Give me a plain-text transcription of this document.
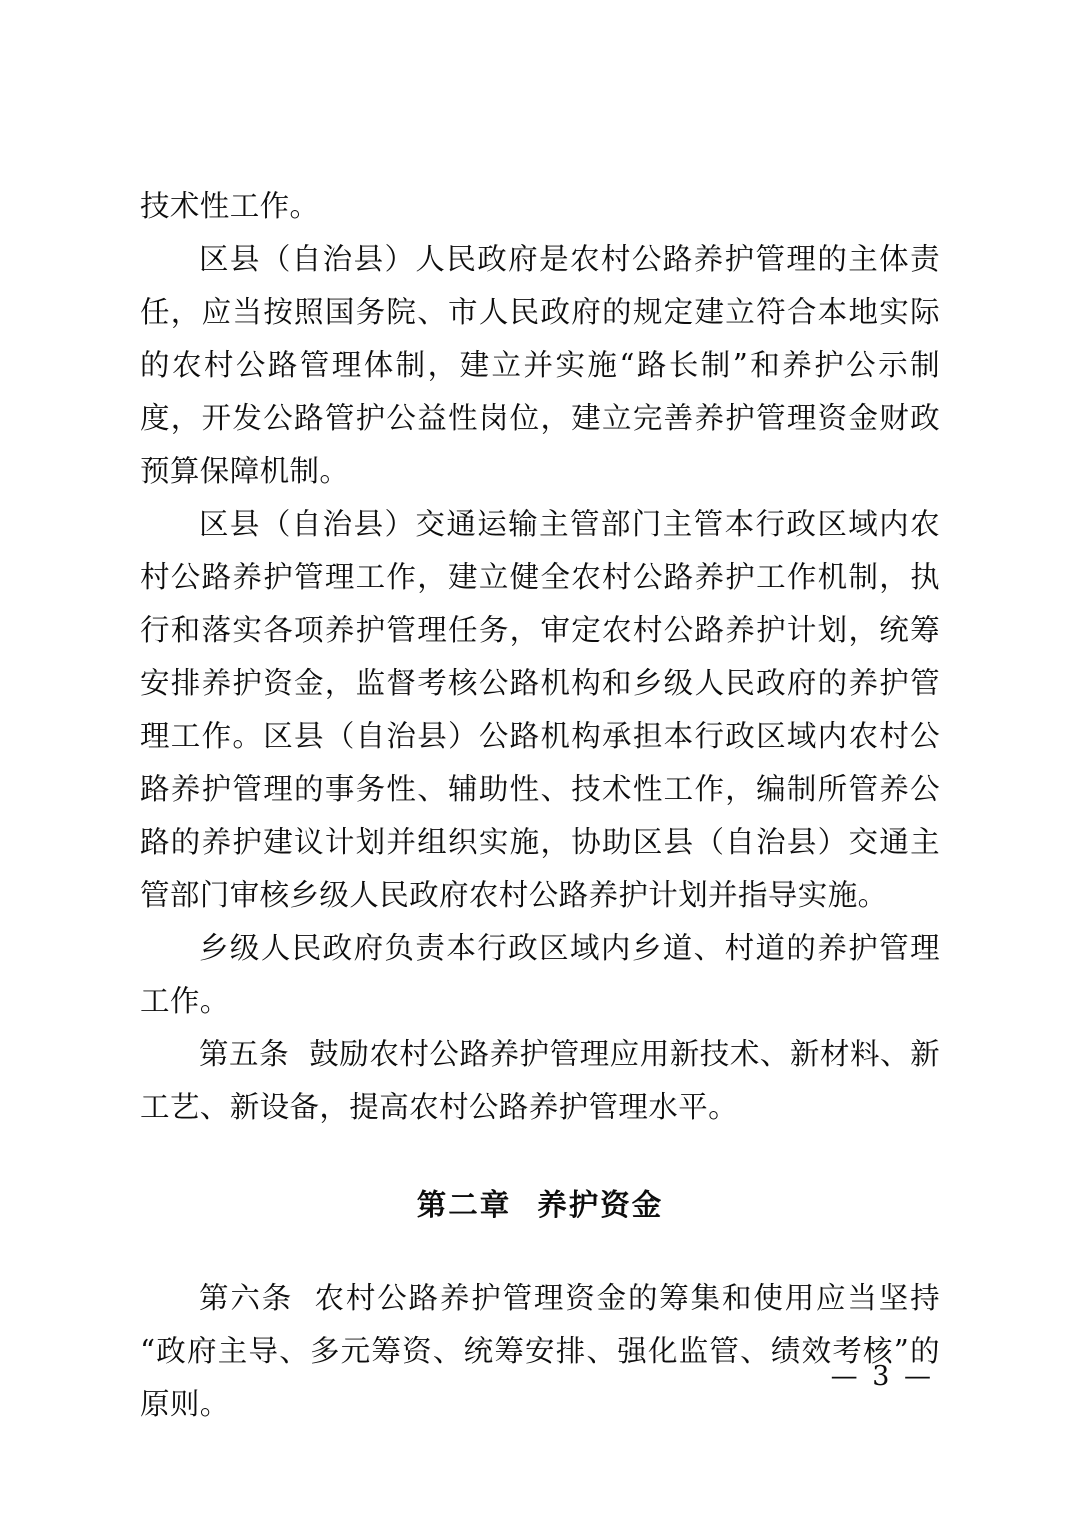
技术性工作。

区县（自治县）人民政府是农村公路养护管理的主体责任，应当按照国务院、市人民政府的规定建立符合本地实际的农村公路管理体制，建立并实施“路长制”和养护公示制度，开发公路管护公益性岗位，建立完善养护管理资金财政预算保障机制。

区县（自治县）交通运输主管部门主管本行政区域内农村公路养护管理工作，建立健全农村公路养护工作机制，执行和落实各项养护管理任务，审定农村公路养护计划，统筹安排养护资金，监督考核公路机构和乡级人民政府的养护管理工作。区县（自治县）公路机构承担本行政区域内农村公路养护管理的事务性、辅助性、技术性工作，编制所管养公路的养护建议计划并组织实施，协助区县（自治县）交通主管部门审核乡级人民政府农村公路养护计划并指导实施。

乡级人民政府负责本行政区域内乡道、村道的养护管理工作。

第五条 鼓励农村公路养护管理应用新技术、新材料、新工艺、新设备，提高农村公路养护管理水平。

第二章 养护资金

第六条 农村公路养护管理资金的筹集和使用应当坚持“政府主导、多元筹资、统筹安排、强化监管、绩效考核”的原则。

— 3 —
